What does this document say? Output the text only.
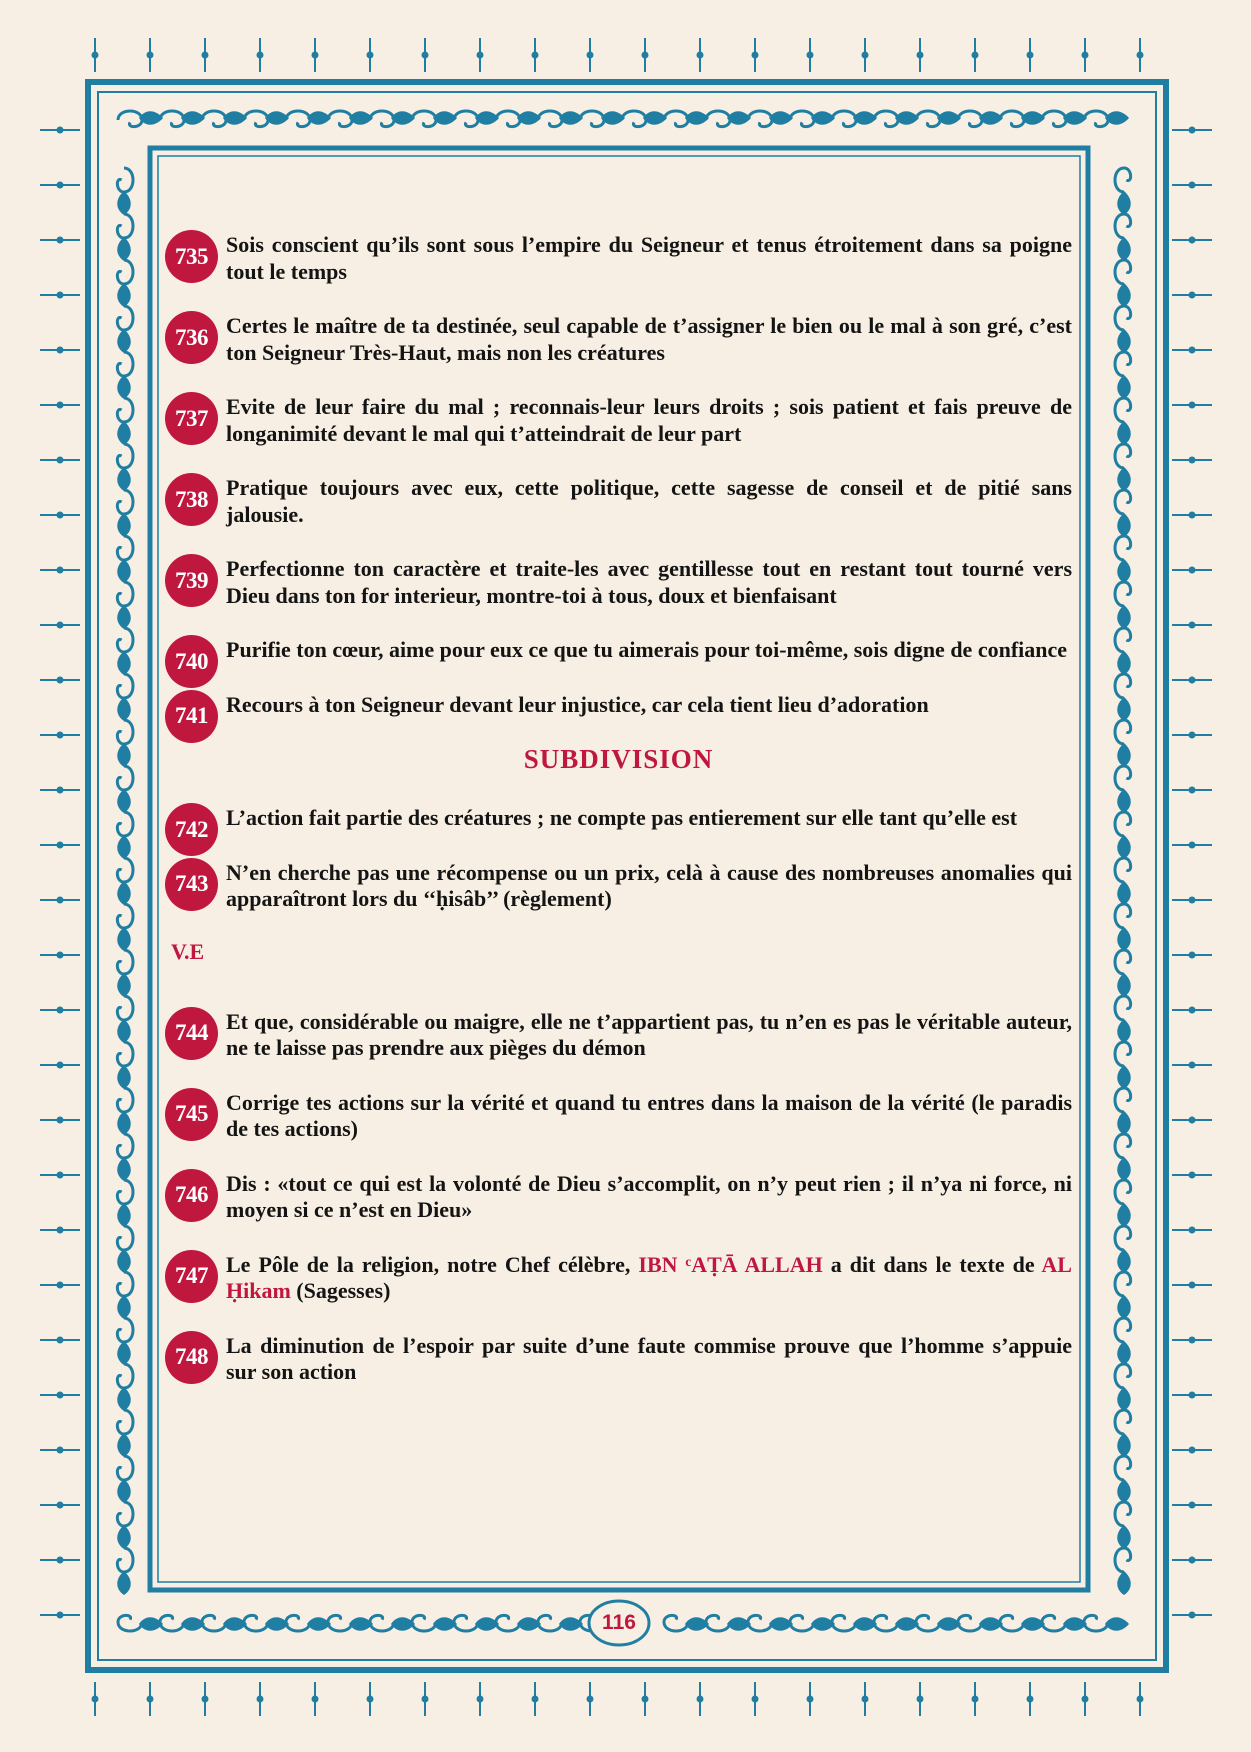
735 Sois conscient qu’ils sont sous l’empire du Seigneur et tenus étroitement dans sa poigne tout le temps
736 Certes le maître de ta destinée, seul capable de t’assigner le bien ou le mal à son gré, c’est ton Seigneur Très-Haut, mais non les créatures
737 Evite de leur faire du mal ; reconnais-leur leurs droits ; sois patient et fais preuve de longanimité devant le mal qui t’atteindrait de leur part
738 Pratique toujours avec eux, cette politique, cette sagesse de conseil et de pitié sans jalousie.
739 Perfectionne ton caractère et traite-les avec gentillesse tout en restant tout tourné vers Dieu dans ton for interieur, montre-toi à tous, doux et bienfaisant
740 Purifie ton cœur, aime pour eux ce que tu aimerais pour toi-même, sois digne de confiance
741 Recours à ton Seigneur devant leur injustice, car cela tient lieu d’adoration
SUBDIVISION
742 L’action fait partie des créatures ; ne compte pas entierement sur elle tant qu’elle est
743 N’en cherche pas une récompense ou un prix, celà à cause des nombreuses anomalies qui apparaîtront lors du ‘‘ḥisâb’’ (règlement)
V.E
744 Et que, considérable ou maigre, elle ne t’appartient pas, tu n’en es pas le véritable auteur, ne te laisse pas prendre aux pièges du démon
745 Corrige tes actions sur la vérité et quand tu entres dans la maison de la vérité (le paradis de tes actions)
746 Dis : «tout ce qui est la volonté de Dieu s’accomplit, on n’y peut rien ; il n’ya ni force, ni moyen si ce n’est en Dieu»
747 Le Pôle de la religion, notre Chef célèbre, IBN ᶜAṬĀ ALLAH a dit dans le texte de AL Ḥikam (Sagesses)
748 La diminution de l’espoir par suite d’une faute commise prouve que l’homme s’appuie sur son action
116
